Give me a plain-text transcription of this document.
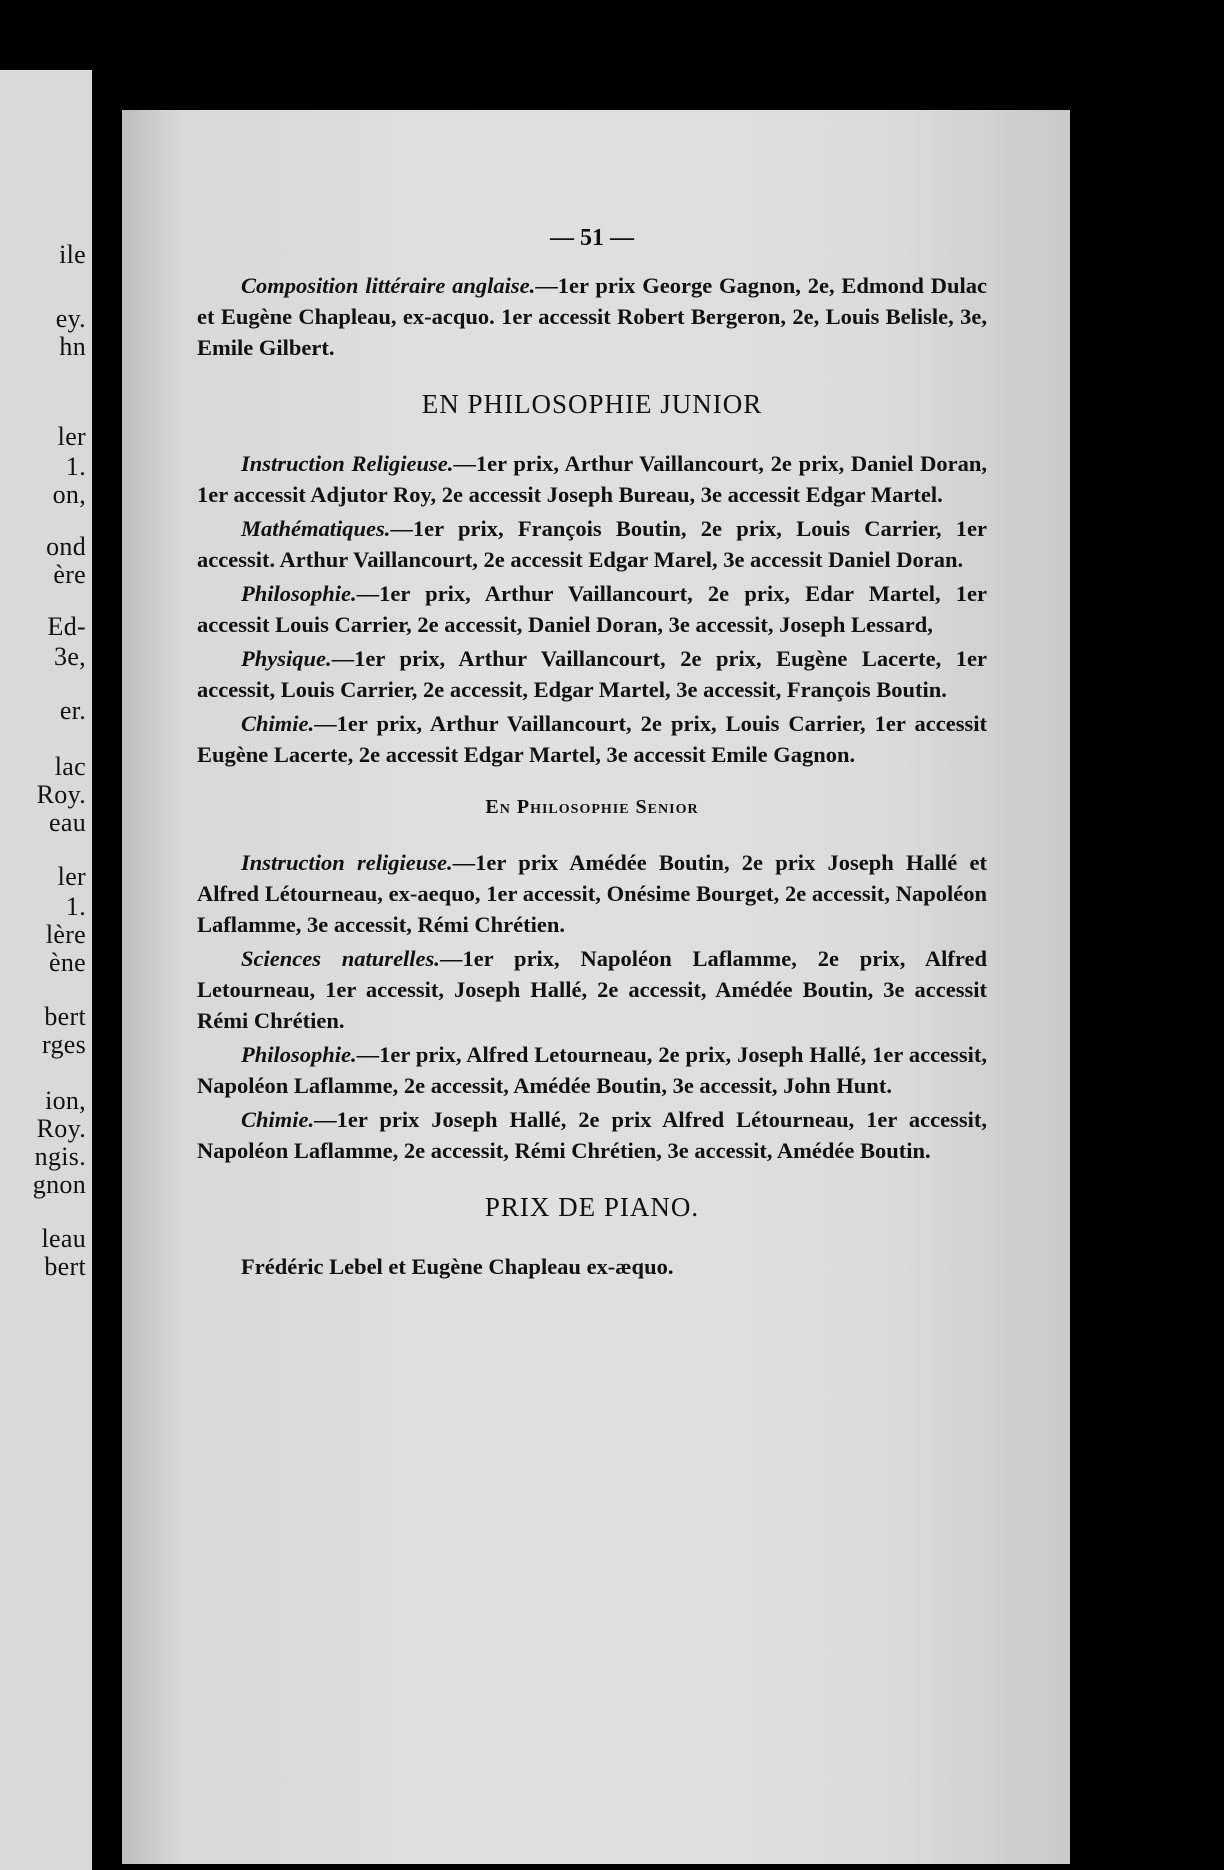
ile
ey.
hn
ler
1.
on,
ond
ère
Ed-
3e,
er.
lac
Roy.
eau
ler
1.
lère
ène
bert
rges
ion,
Roy.
ngis.
gnon
leau
bert
— 51 —

Composition littéraire anglaise.—1er prix George Gagnon, 2e, Edmond Dulac et Eugène Chapleau, ex-acquo. 1er accessit Robert Bergeron, 2e, Louis Belisle, 3e, Emile Gilbert.

EN PHILOSOPHIE JUNIOR

Instruction Religieuse.—1er prix, Arthur Vaillancourt, 2e prix, Daniel Doran, 1er accessit Adjutor Roy, 2e accessit Joseph Bureau, 3e accessit Edgar Martel.

Mathématiques.—1er prix, François Boutin, 2e prix, Louis Carrier, 1er accessit. Arthur Vaillancourt, 2e accessit Edgar Marel, 3e accessit Daniel Doran.

Philosophie.—1er prix, Arthur Vaillancourt, 2e prix, Edar Martel, 1er accessit Louis Carrier, 2e accessit, Daniel Doran, 3e accessit, Joseph Lessard,

Physique.—1er prix, Arthur Vaillancourt, 2e prix, Eugène Lacerte, 1er accessit, Louis Carrier, 2e accessit, Edgar Martel, 3e accessit, François Boutin.

Chimie.—1er prix, Arthur Vaillancourt, 2e prix, Louis Carrier, 1er accessit Eugène Lacerte, 2e accessit Edgar Martel, 3e accessit Emile Gagnon.

En Philosophie Senior

Instruction religieuse.—1er prix Amédée Boutin, 2e prix Joseph Hallé et Alfred Létourneau, ex-aequo, 1er accessit, Onésime Bourget, 2e accessit, Napoléon Laflamme, 3e accessit, Rémi Chrétien.

Sciences naturelles.—1er prix, Napoléon Laflamme, 2e prix, Alfred Letourneau, 1er accessit, Joseph Hallé, 2e accessit, Amédée Boutin, 3e accessit Rémi Chrétien.

Philosophie.—1er prix, Alfred Letourneau, 2e prix, Joseph Hallé, 1er accessit, Napoléon Laflamme, 2e accessit, Amédée Boutin, 3e accessit, John Hunt.

Chimie.—1er prix Joseph Hallé, 2e prix Alfred Létourneau, 1er accessit, Napoléon Laflamme, 2e accessit, Rémi Chrétien, 3e accessit, Amédée Boutin.

PRIX DE PIANO.

Frédéric Lebel et Eugène Chapleau ex-æquo.
